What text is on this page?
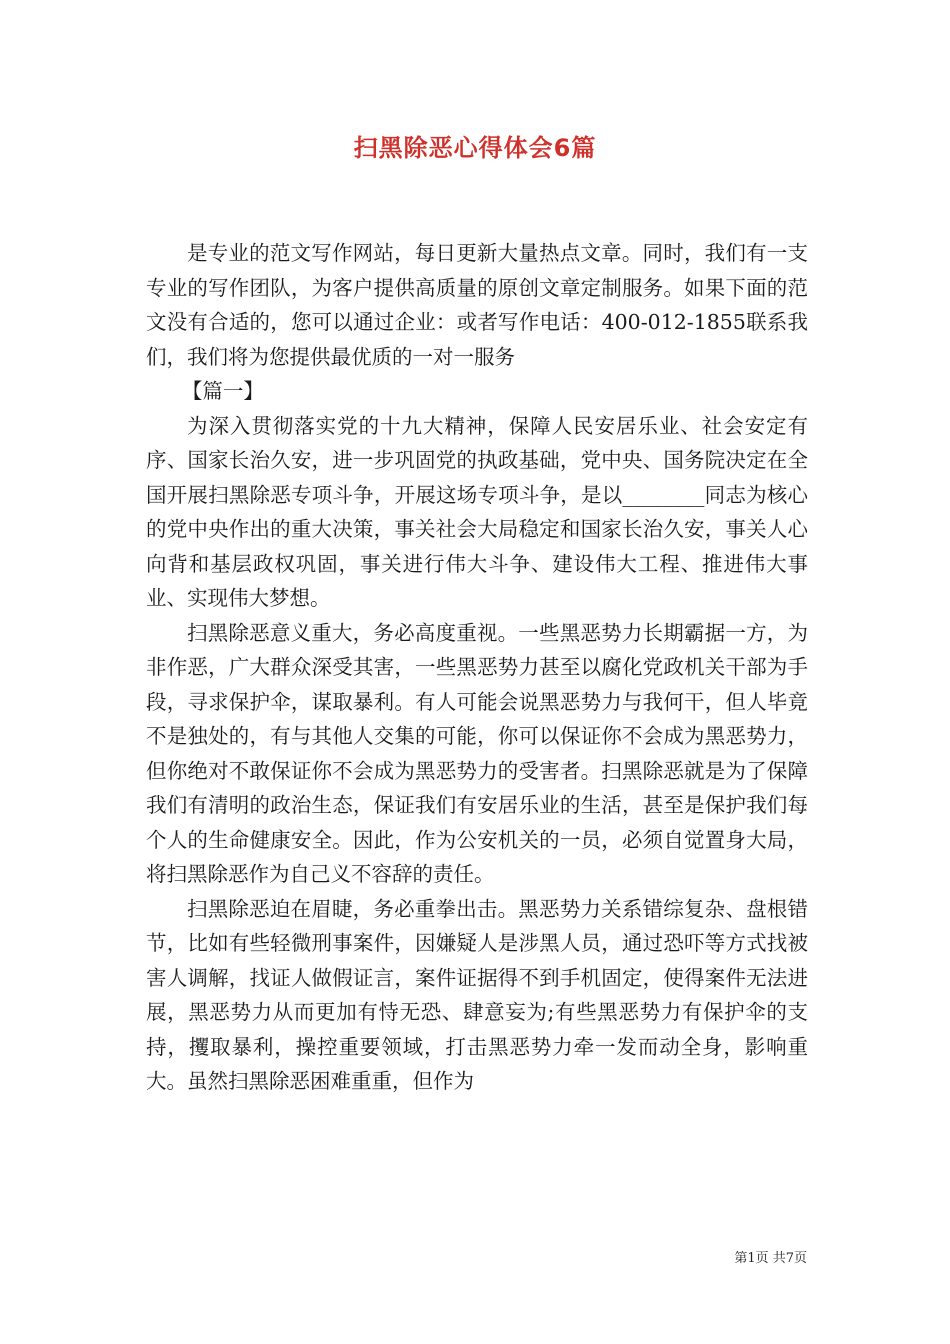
扫黑除恶心得体会6篇

是专业的范文写作网站，每日更新大量热点文章。同时，我们有一支专业的写作团队，为客户提供高质量的原创文章定制服务。如果下面的范文没有合适的，您可以通过企业：或者写作电话：400-012-1855联系我们，我们将为您提供最优质的一对一服务

【篇一】

为深入贯彻落实党的十九大精神，保障人民安居乐业、社会安定有序、国家长治久安，进一步巩固党的执政基础，党中央、国务院决定在全国开展扫黑除恶专项斗争，开展这场专项斗争，是以________同志为核心的党中央作出的重大决策，事关社会大局稳定和国家长治久安，事关人心向背和基层政权巩固，事关进行伟大斗争、建设伟大工程、推进伟大事业、实现伟大梦想。

扫黑除恶意义重大，务必高度重视。一些黑恶势力长期霸据一方，为非作恶，广大群众深受其害，一些黑恶势力甚至以腐化党政机关干部为手段，寻求保护伞，谋取暴利。有人可能会说黑恶势力与我何干，但人毕竟不是独处的，有与其他人交集的可能，你可以保证你不会成为黑恶势力，但你绝对不敢保证你不会成为黑恶势力的受害者。扫黑除恶就是为了保障我们有清明的政治生态，保证我们有安居乐业的生活，甚至是保护我们每个人的生命健康安全。因此，作为公安机关的一员，必须自觉置身大局，将扫黑除恶作为自己义不容辞的责任。

扫黑除恶迫在眉睫，务必重拳出击。黑恶势力关系错综复杂、盘根错节，比如有些轻微刑事案件，因嫌疑人是涉黑人员，通过恐吓等方式找被害人调解，找证人做假证言，案件证据得不到手机固定，使得案件无法进展，黑恶势力从而更加有恃无恐、肆意妄为;有些黑恶势力有保护伞的支持，攫取暴利，操控重要领域，打击黑恶势力牵一发而动全身，影响重大。虽然扫黑除恶困难重重，但作为

第1页 共7页
